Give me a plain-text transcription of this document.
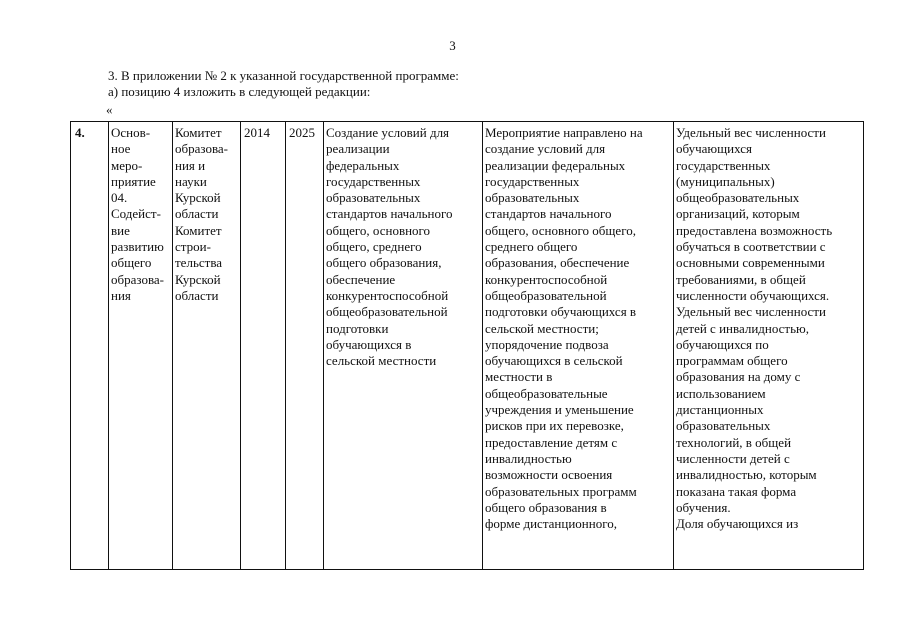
3
3. В приложении № 2 к указанной государственной программе:
а) позицию 4 изложить в следующей редакции:
«
4.	Основ-
ное
меро-
приятие
04.
Содейст-
вие
развитию
общего
образова-
ния	Комитет
образова-
ния и
науки
Курской
области
Комитет
строи-
тельства
Курской
области	2014	2025	Создание условий для
реализации
федеральных
государственных
образовательных
стандартов начального
общего, основного
общего, среднего
общего образования,
обеспечение
конкурентоспособной
общеобразовательной
подготовки
обучающихся в
сельской местности	Мероприятие направлено на
создание условий для
реализации федеральных
государственных
образовательных
стандартов начального
общего, основного общего,
среднего общего
образования, обеспечение
конкурентоспособной
общеобразовательной
подготовки обучающихся в
сельской местности;
упорядочение подвоза
обучающихся в сельской
местности в
общеобразовательные
учреждения и уменьшение
рисков при их перевозке,
предоставление детям с
инвалидностью
возможности освоения
образовательных программ
общего образования в
форме дистанционного,	Удельный вес численности
обучающихся
государственных
(муниципальных)
общеобразовательных
организаций, которым
предоставлена возможность
обучаться в соответствии с
основными современными
требованиями, в общей
численности обучающихся.
Удельный вес численности
детей с инвалидностью,
обучающихся по
программам общего
образования на дому с
использованием
дистанционных
образовательных
технологий, в общей
численности детей с
инвалидностью, которым
показана такая форма
обучения.
Доля обучающихся из
